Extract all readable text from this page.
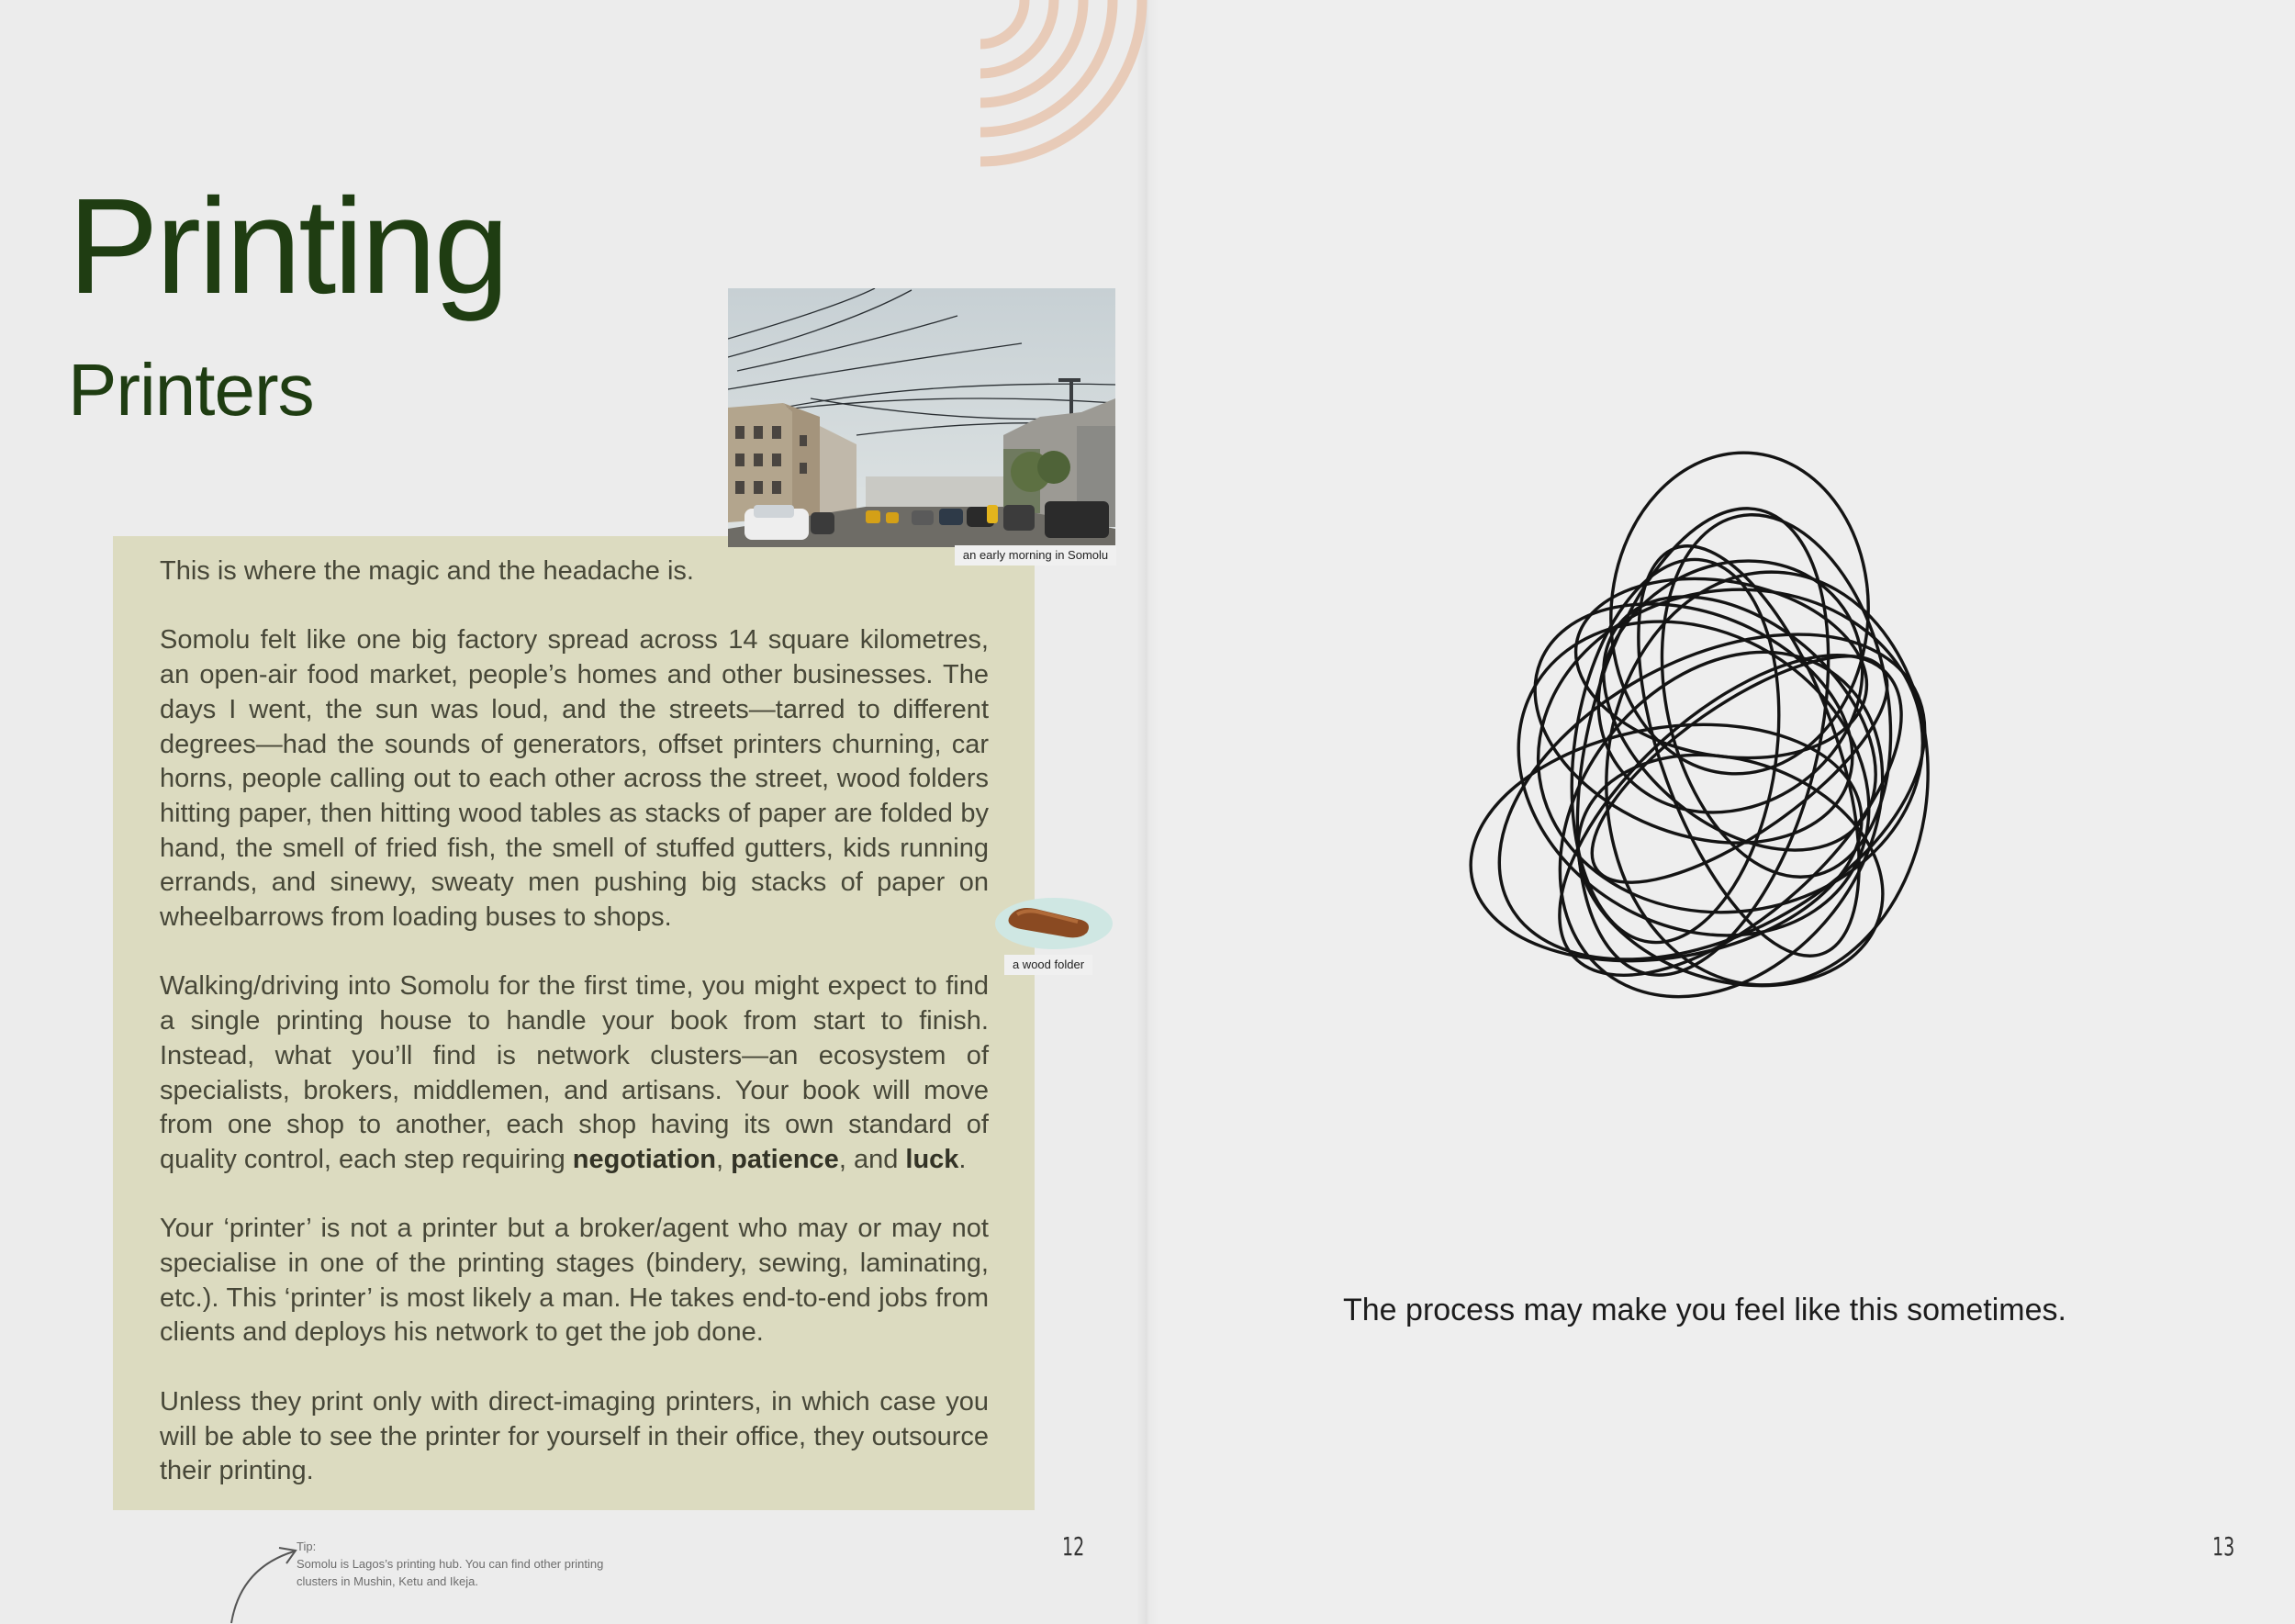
Printing
Printers
an early morning in Somolu

This is where the magic and the headache is.

Somolu felt like one big factory spread across 14 square kilometres, an open-air food market, people’s homes and other businesses. The days I went, the sun was loud, and the streets—tarred to different degrees—had the sounds of generators, offset printers churning, car horns, people calling out to each other across the street, wood folders hitting paper, then hitting wood tables as stacks of paper are folded by hand, the smell of fried fish, the smell of stuffed gutters, kids running errands, and sinewy, sweaty men pushing big stacks of paper on wheelbarrows from loading buses to shops.

Walking/driving into Somolu for the first time, you might expect to find a single printing house to handle your book from start to finish. Instead, what you’ll find is network clusters—an ecosystem of specialists, brokers, middlemen, and artisans. Your book will move from one shop to another, each shop having its own standard of quality control, each step requiring negotiation, patience, and luck.

Your ‘printer’ is not a printer but a broker/agent who may or may not specialise in one of the printing stages (bindery, sewing, laminating, etc.). This ‘printer’ is most likely a man. He takes end-to-end jobs from clients and deploys his network to get the job done.

Unless they print only with direct-imaging printers, in which case you will be able to see the printer for yourself in their office, they outsource their printing.

a wood folder
Tip:
Somolu is Lagos’s printing hub. You can find other printing clusters in Mushin, Ketu and Ikeja.
12
The process may make you feel like this sometimes.
13
